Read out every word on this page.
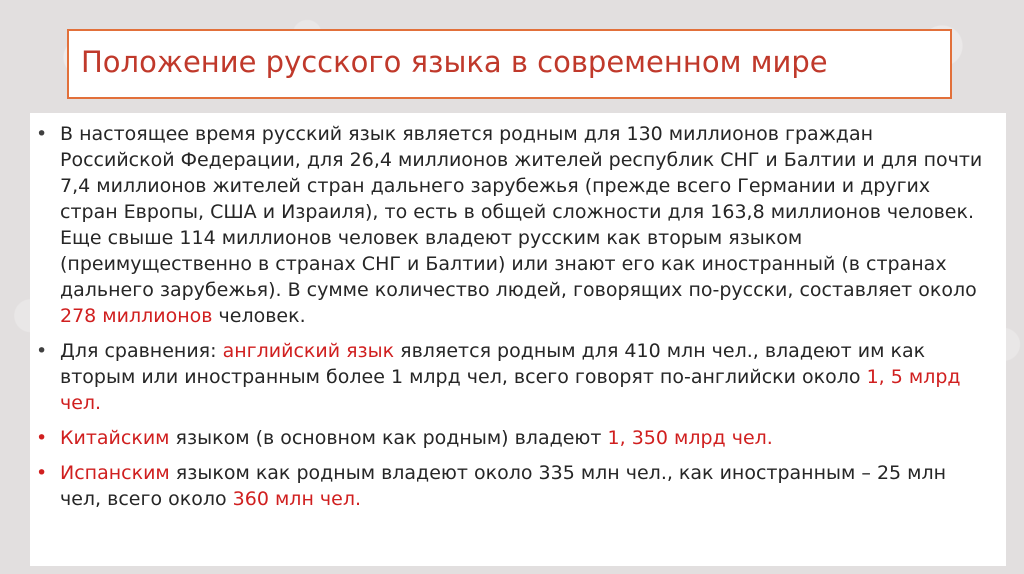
Положение русского языка в современном мире
• В настоящее время русский язык является родным для 130 миллионов граждан Российской Федерации, для 26,4 миллионов жителей республик СНГ и Балтии и для почти 7,4 миллионов жителей стран дальнего зарубежья (прежде всего Германии и других стран Европы, США и Израиля), то есть в общей сложности для 163,8 миллионов человек. Еще свыше 114 миллионов человек владеют русским как вторым языком (преимущественно в странах СНГ и Балтии) или знают его как иностранный (в странах дальнего зарубежья). В сумме количество людей, говорящих по-русски, составляет около 278 миллионов человек.
• Для сравнения: английский язык является родным для 410 млн чел., владеют им как вторым или иностранным более 1 млрд чел, всего говорят по-английски около 1, 5 млрд чел.
• Китайским языком (в основном как родным) владеют 1, 350 млрд чел.
• Испанским языком как родным владеют около 335 млн чел., как иностранным – 25 млн чел, всего около 360 млн чел.
